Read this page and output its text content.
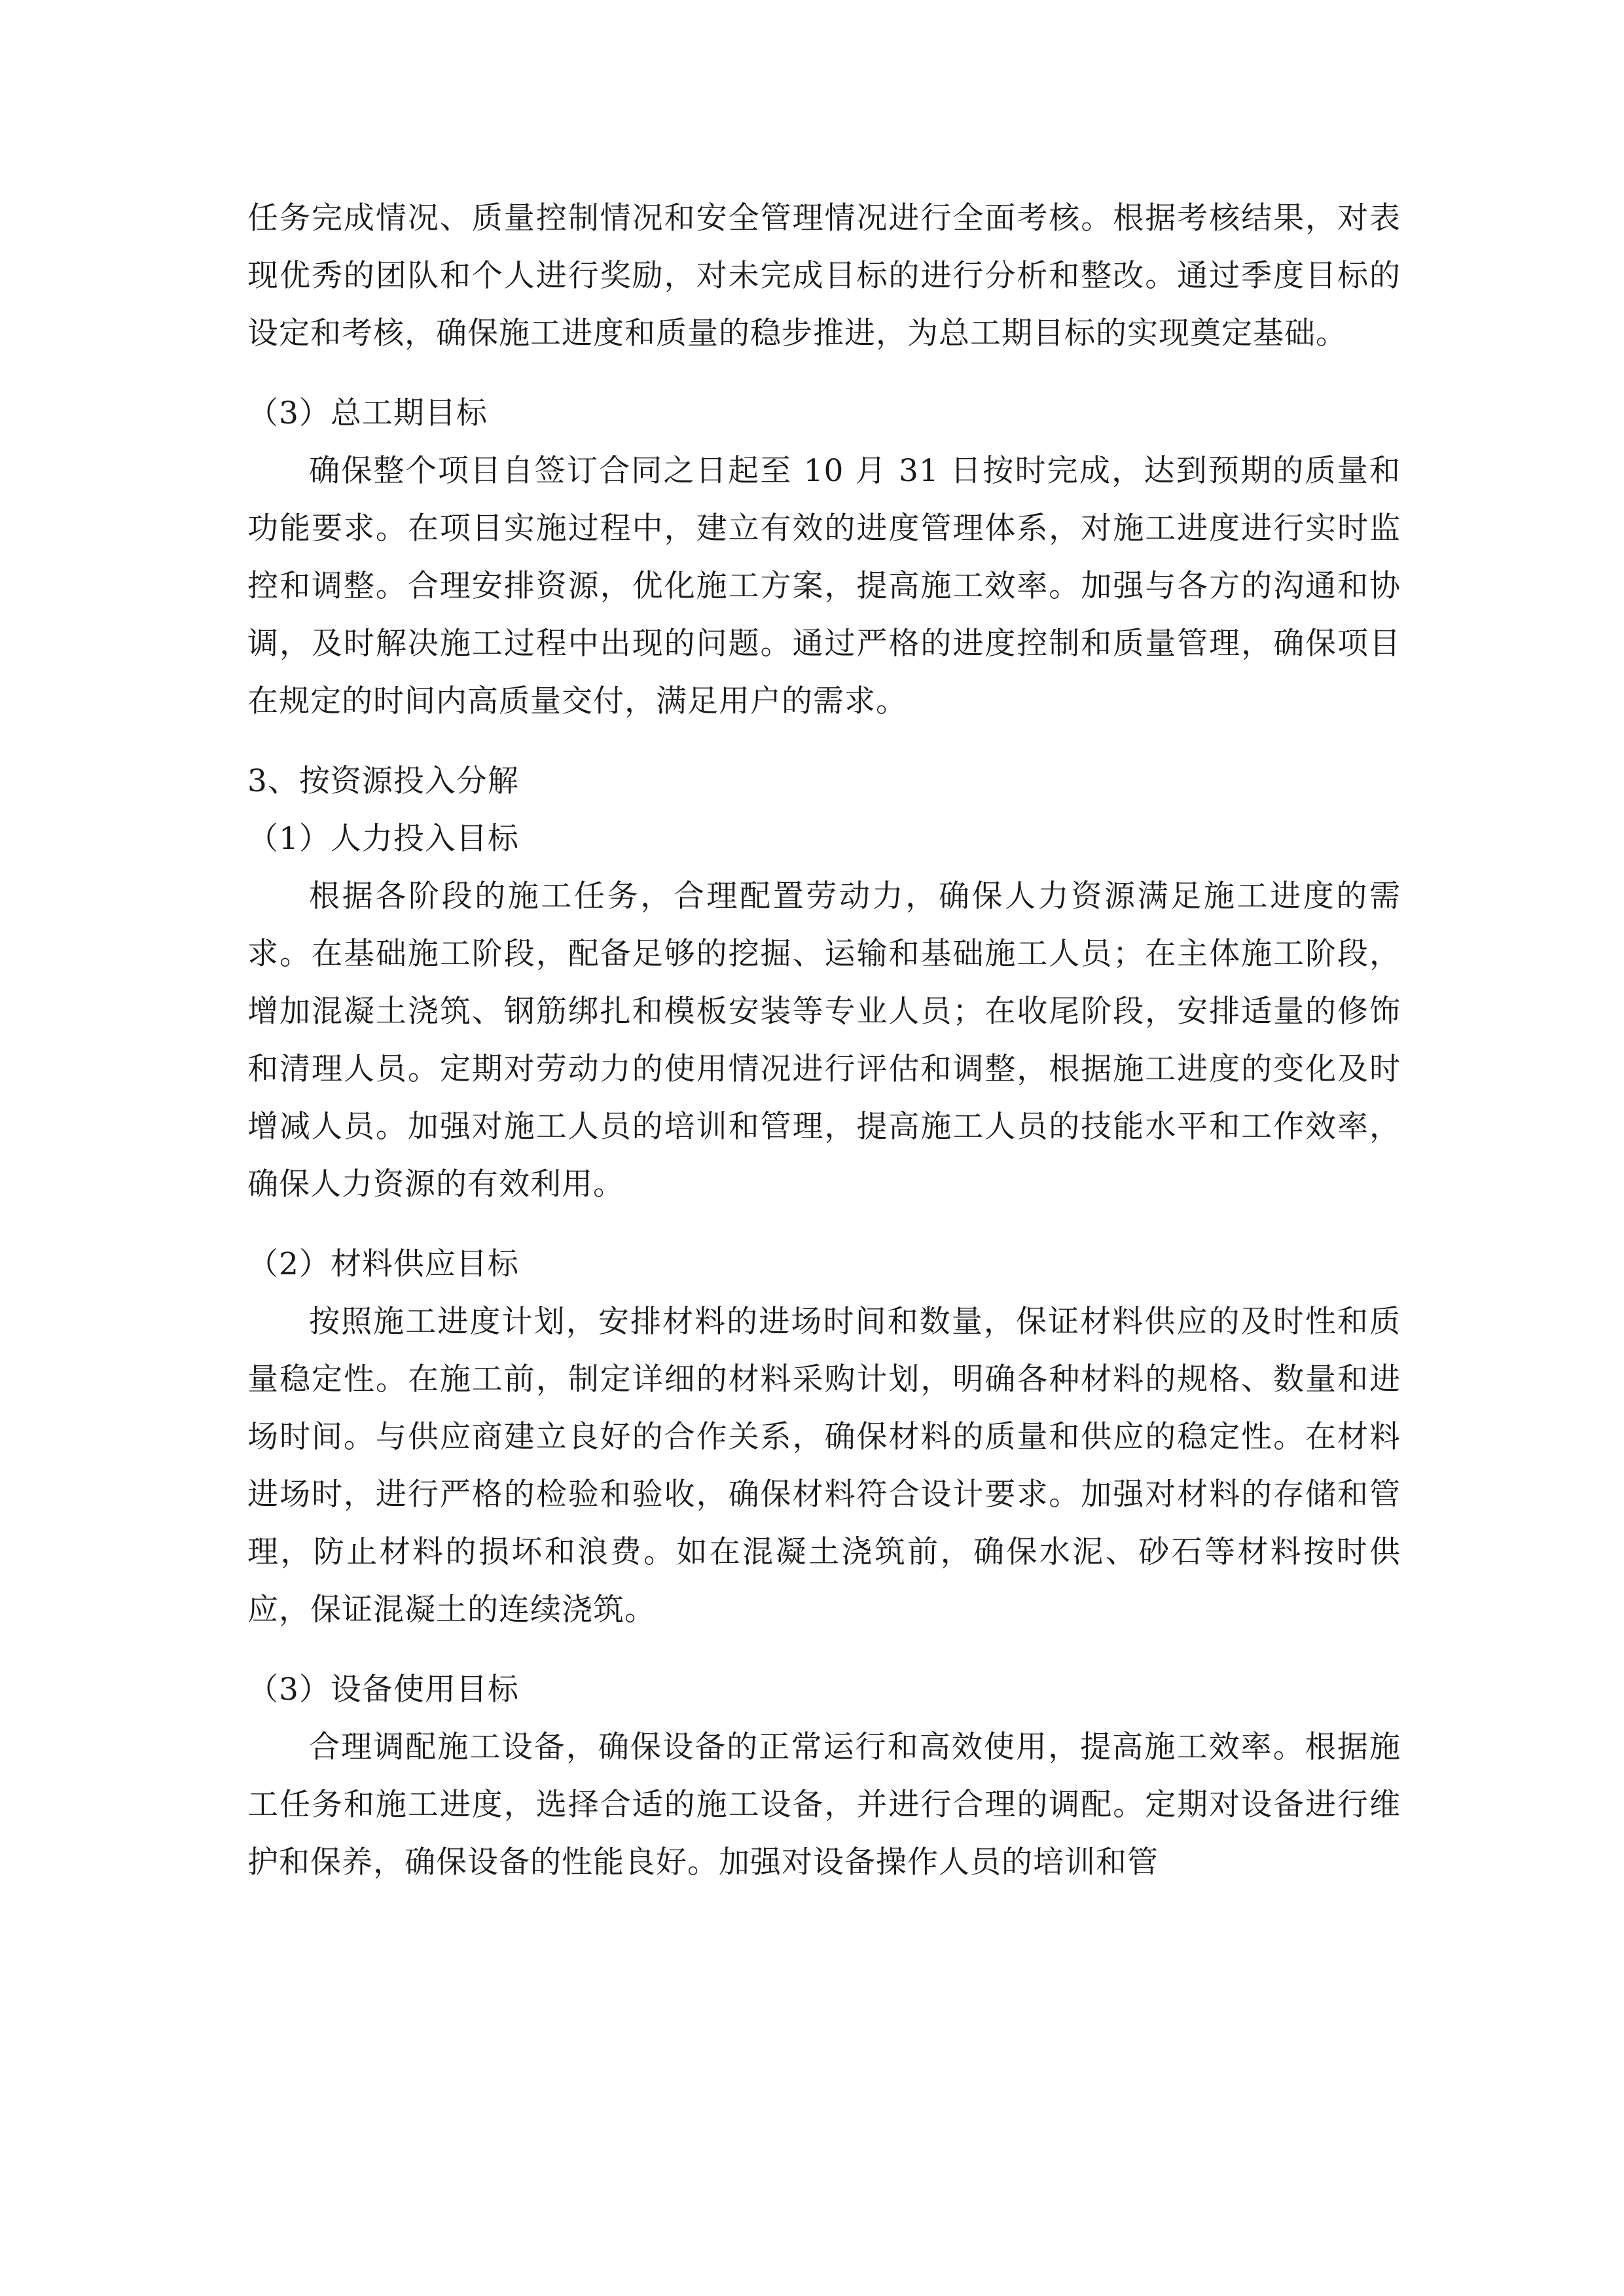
任务完成情况、质量控制情况和安全管理情况进行全面考核。根据考核结果，对表现优秀的团队和个人进行奖励，对未完成目标的进行分析和整改。通过季度目标的设定和考核，确保施工进度和质量的稳步推进，为总工期目标的实现奠定基础。

（3）总工期目标

确保整个项目自签订合同之日起至 10 月 31 日按时完成，达到预期的质量和功能要求。在项目实施过程中，建立有效的进度管理体系，对施工进度进行实时监控和调整。合理安排资源，优化施工方案，提高施工效率。加强与各方的沟通和协调，及时解决施工过程中出现的问题。通过严格的进度控制和质量管理，确保项目在规定的时间内高质量交付，满足用户的需求。

3、按资源投入分解

（1）人力投入目标

根据各阶段的施工任务，合理配置劳动力，确保人力资源满足施工进度的需求。在基础施工阶段，配备足够的挖掘、运输和基础施工人员；在主体施工阶段，增加混凝土浇筑、钢筋绑扎和模板安装等专业人员；在收尾阶段，安排适量的修饰和清理人员。定期对劳动力的使用情况进行评估和调整，根据施工进度的变化及时增减人员。加强对施工人员的培训和管理，提高施工人员的技能水平和工作效率，确保人力资源的有效利用。

（2）材料供应目标

按照施工进度计划，安排材料的进场时间和数量，保证材料供应的及时性和质量稳定性。在施工前，制定详细的材料采购计划，明确各种材料的规格、数量和进场时间。与供应商建立良好的合作关系，确保材料的质量和供应的稳定性。在材料进场时，进行严格的检验和验收，确保材料符合设计要求。加强对材料的存储和管理，防止材料的损坏和浪费。如在混凝土浇筑前，确保水泥、砂石等材料按时供应，保证混凝土的连续浇筑。

（3）设备使用目标

合理调配施工设备，确保设备的正常运行和高效使用，提高施工效率。根据施工任务和施工进度，选择合适的施工设备，并进行合理的调配。定期对设备进行维护和保养，确保设备的性能良好。加强对设备操作人员的培训和管
